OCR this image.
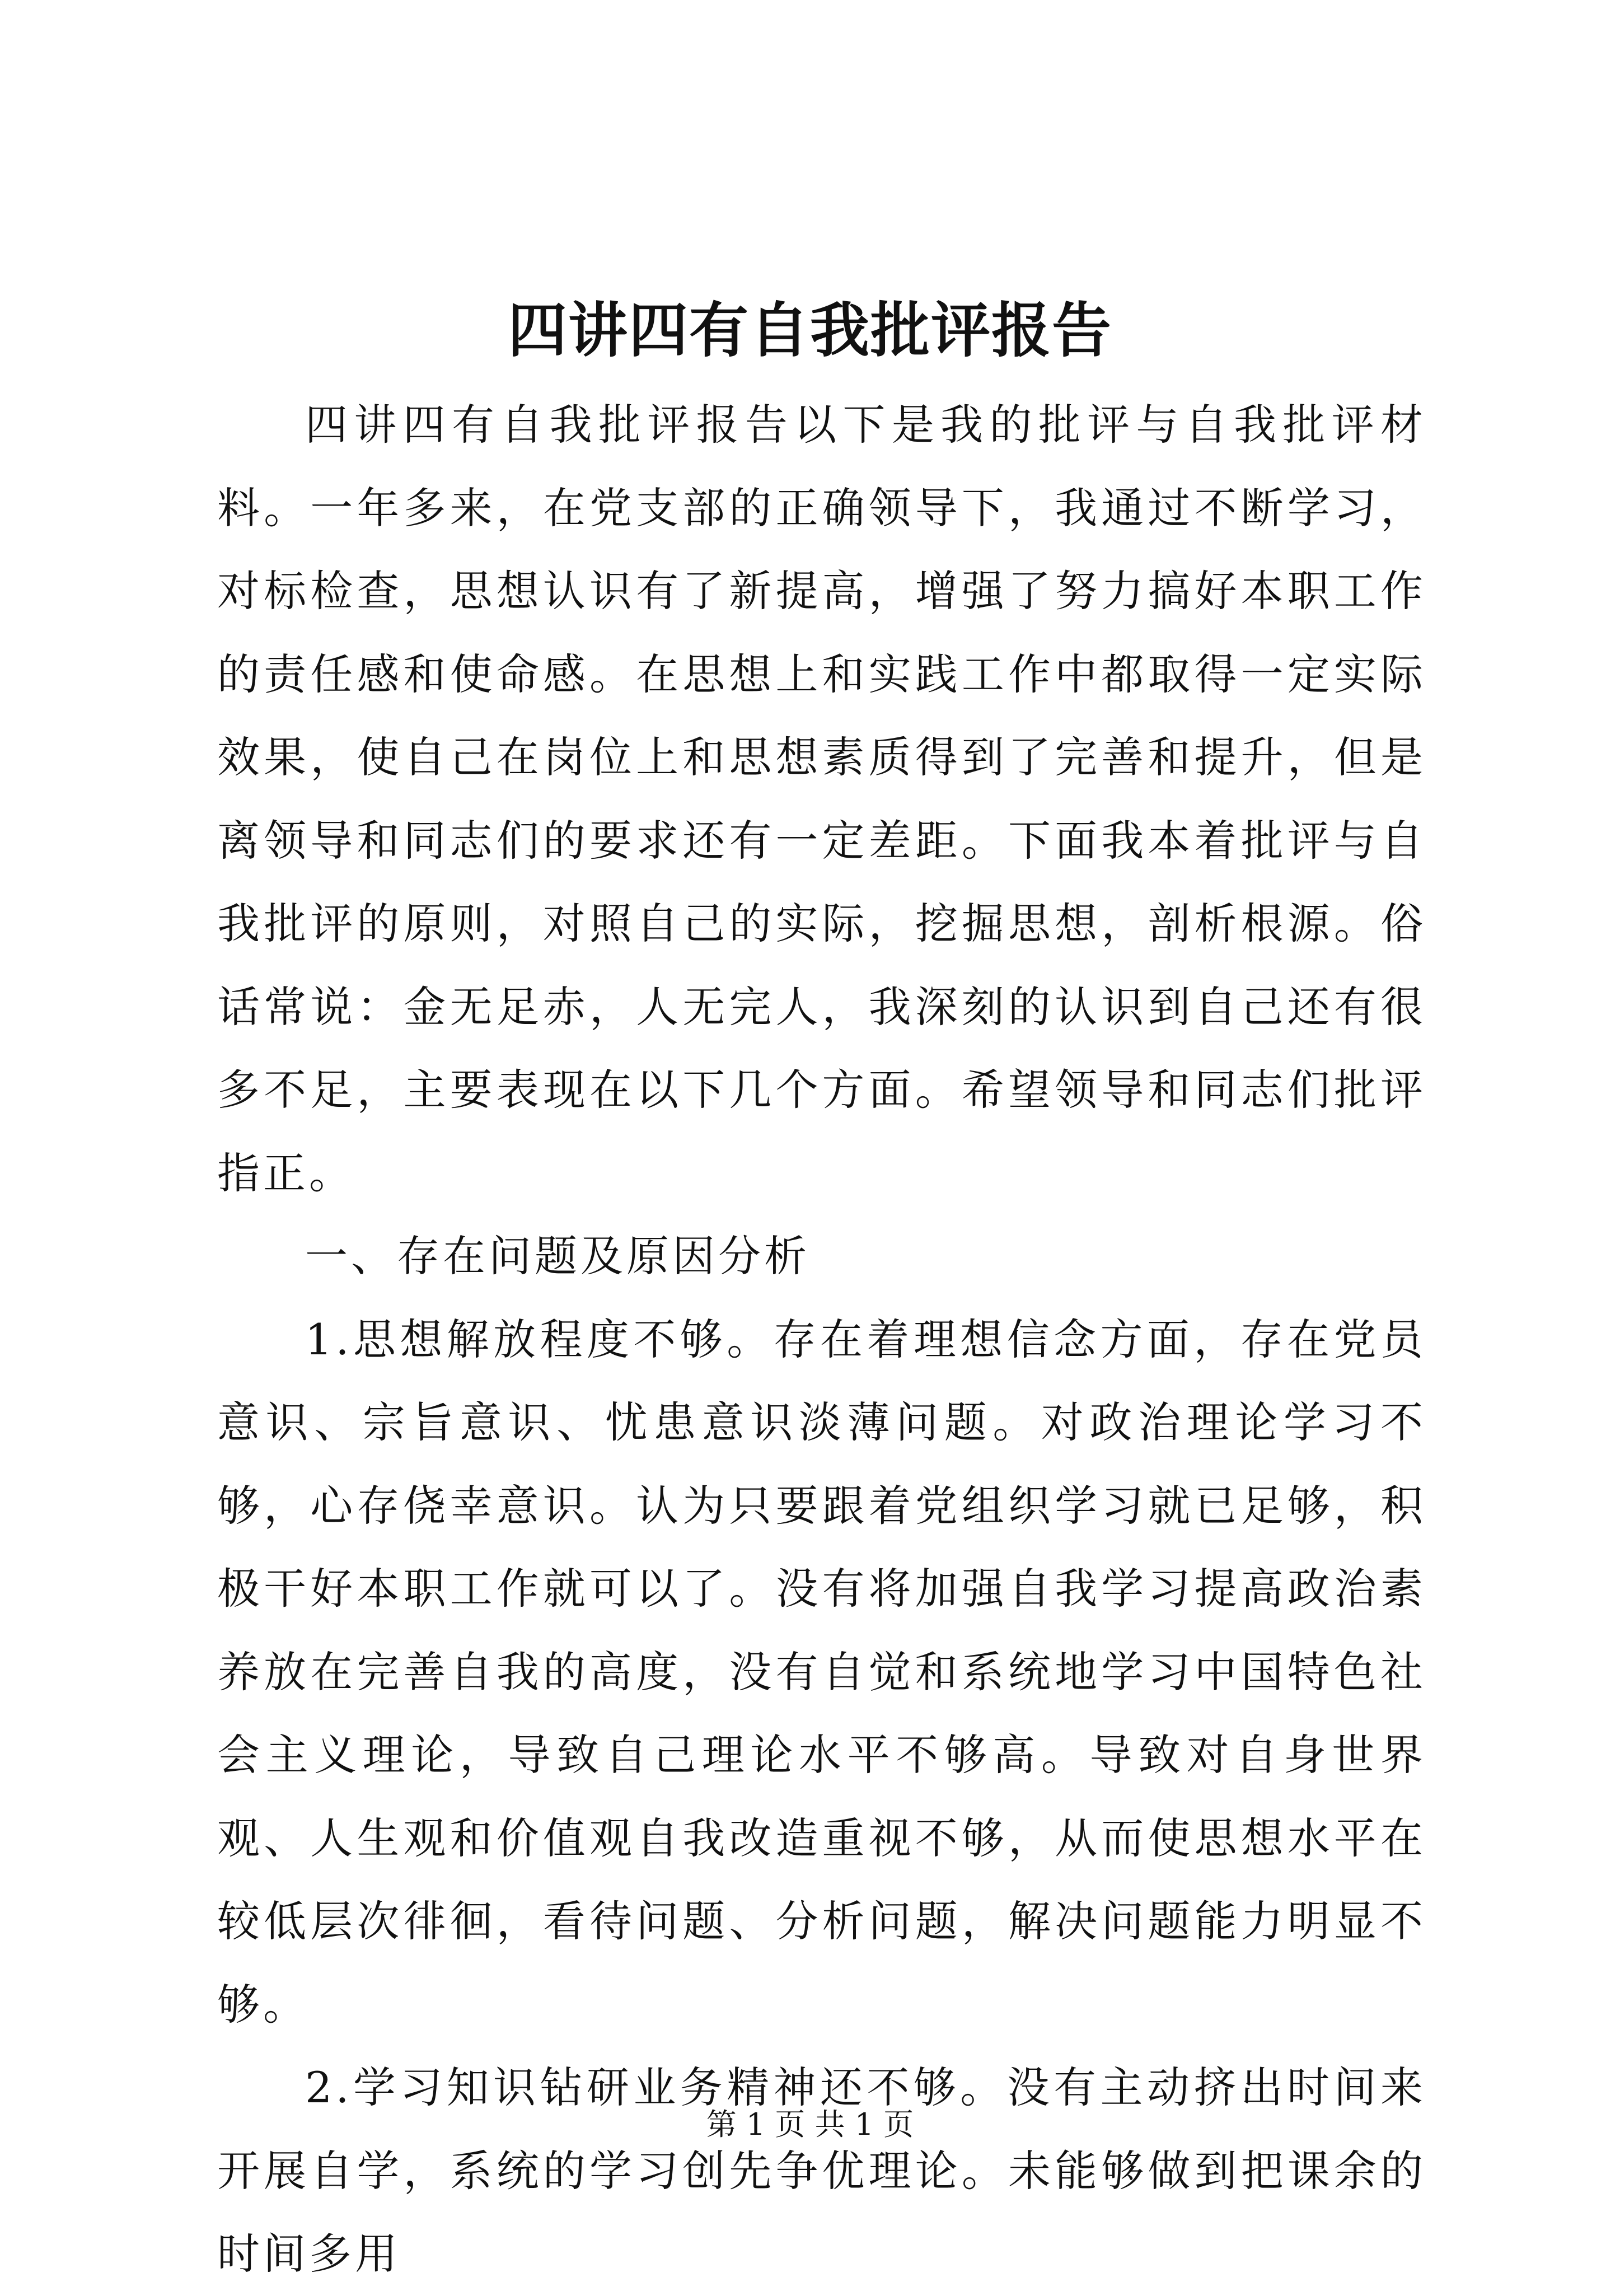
四讲四有自我批评报告

四讲四有自我批评报告以下是我的批评与自我批评材料。一年多来，在党支部的正确领导下，我通过不断学习，对标检查，思想认识有了新提高，增强了努力搞好本职工作的责任感和使命感。在思想上和实践工作中都取得一定实际效果，使自己在岗位上和思想素质得到了完善和提升，但是离领导和同志们的要求还有一定差距。下面我本着批评与自我批评的原则，对照自己的实际，挖掘思想，剖析根源。俗话常说：金无足赤，人无完人，我深刻的认识到自己还有很多不足，主要表现在以下几个方面。希望领导和同志们批评指正。

一、存在问题及原因分析

1.思想解放程度不够。存在着理想信念方面，存在党员意识、宗旨意识、忧患意识淡薄问题。对政治理论学习不够，心存侥幸意识。认为只要跟着党组织学习就已足够，积极干好本职工作就可以了。没有将加强自我学习提高政治素养放在完善自我的高度，没有自觉和系统地学习中国特色社会主义理论，导致自己理论水平不够高。导致对自身世界观、人生观和价值观自我改造重视不够，从而使思想水平在较低层次徘徊，看待问题、分析问题，解决问题能力明显不够。

2.学习知识钻研业务精神还不够。没有主动挤出时间来开展自学，系统的学习创先争优理论。未能够做到把课余的时间多用

第 1 页 共 1 页
